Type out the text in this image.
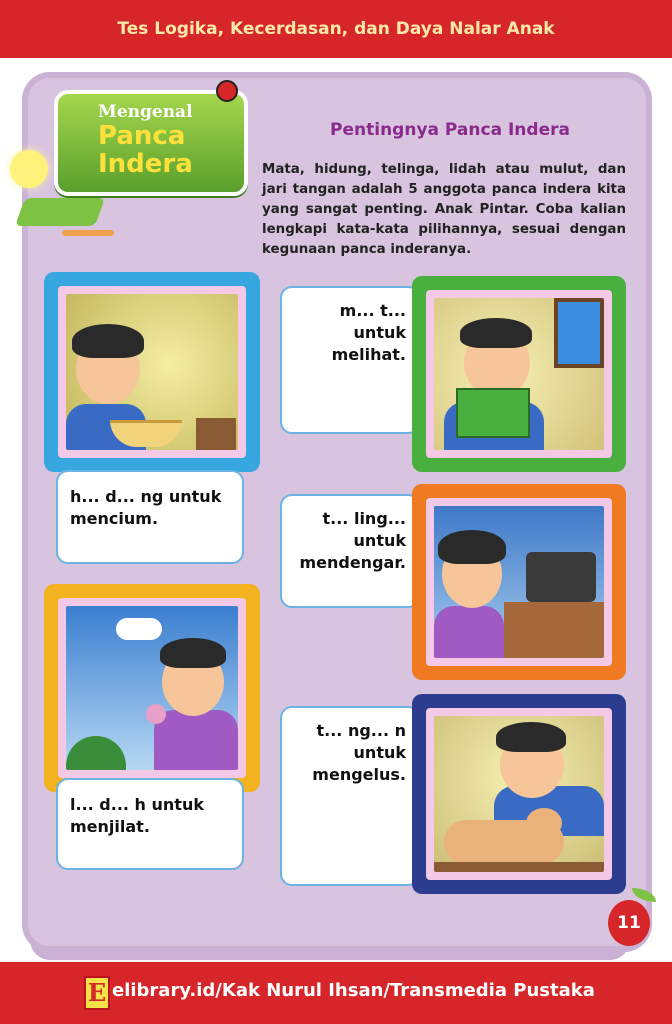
Tes Logika, Kecerdasan, dan Daya Nalar Anak
Mengenal
Panca
Indera
Pentingnya Panca Indera
Mata, hidung, telinga, lidah atau mulut, dan jari tangan adalah 5 anggota panca indera kita yang sangat penting. Anak Pintar. Coba kalian lengkapi kata-kata pilihannya, sesuai dengan kegunaan panca inderanya.
h... d... ng untuk
mencium.
l... d... h untuk
menjilat.
m... t...
untuk
melihat.
t... ling...
untuk
mendengar.
t... ng... n
untuk
mengelus.
11
E elibrary.id/Kak Nurul Ihsan/Transmedia Pustaka
